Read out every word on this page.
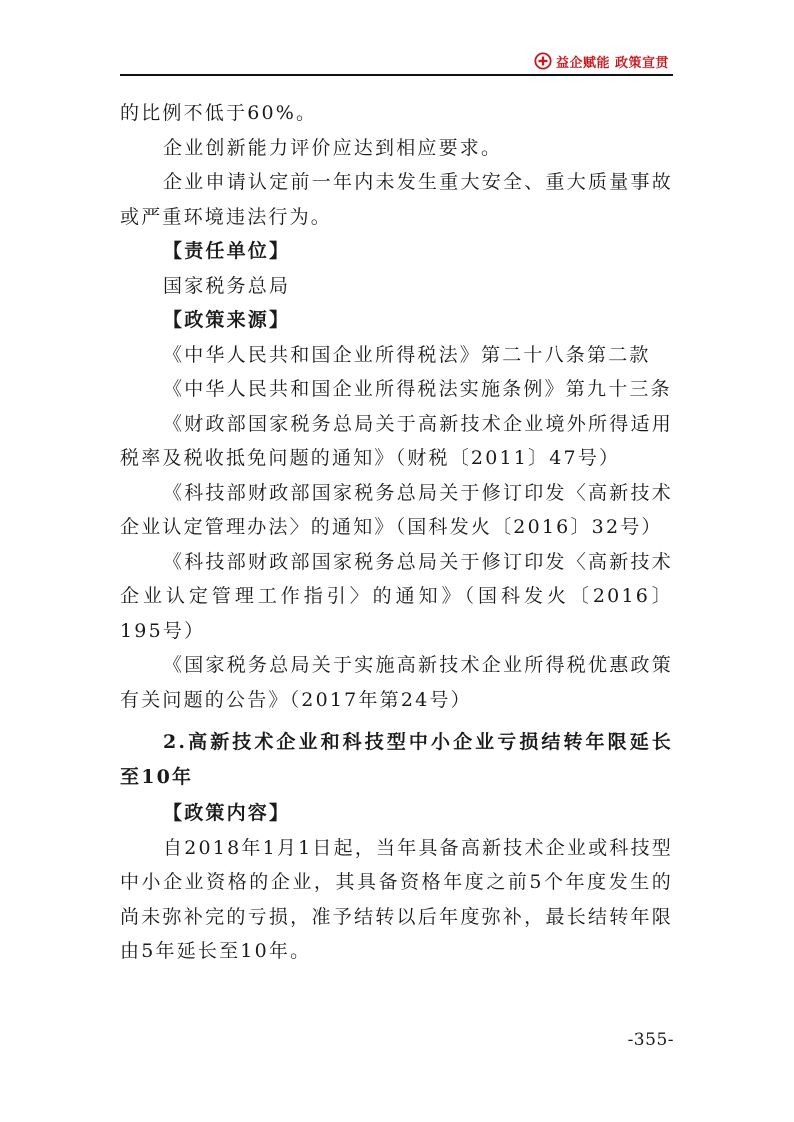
益企赋能 政策宣贯

的比例不低于60%。

企业创新能力评价应达到相应要求。

企业申请认定前一年内未发生重大安全、重大质量事故或严重环境违法行为。

【责任单位】

国家税务总局

【政策来源】

《中华人民共和国企业所得税法》第二十八条第二款

《中华人民共和国企业所得税法实施条例》第九十三条

《财政部国家税务总局关于高新技术企业境外所得适用税率及税收抵免问题的通知》（财税〔2011〕47号）

《科技部财政部国家税务总局关于修订印发〈高新技术企业认定管理办法〉的通知》（国科发火〔2016〕32号）

《科技部财政部国家税务总局关于修订印发〈高新技术企业认定管理工作指引〉的通知》（国科发火〔2016〕195号）

《国家税务总局关于实施高新技术企业所得税优惠政策有关问题的公告》（2017年第24号）

2.高新技术企业和科技型中小企业亏损结转年限延长至10年

【政策内容】

自2018年1月1日起，当年具备高新技术企业或科技型中小企业资格的企业，其具备资格年度之前5个年度发生的尚未弥补完的亏损，准予结转以后年度弥补，最长结转年限由5年延长至10年。

-355-
